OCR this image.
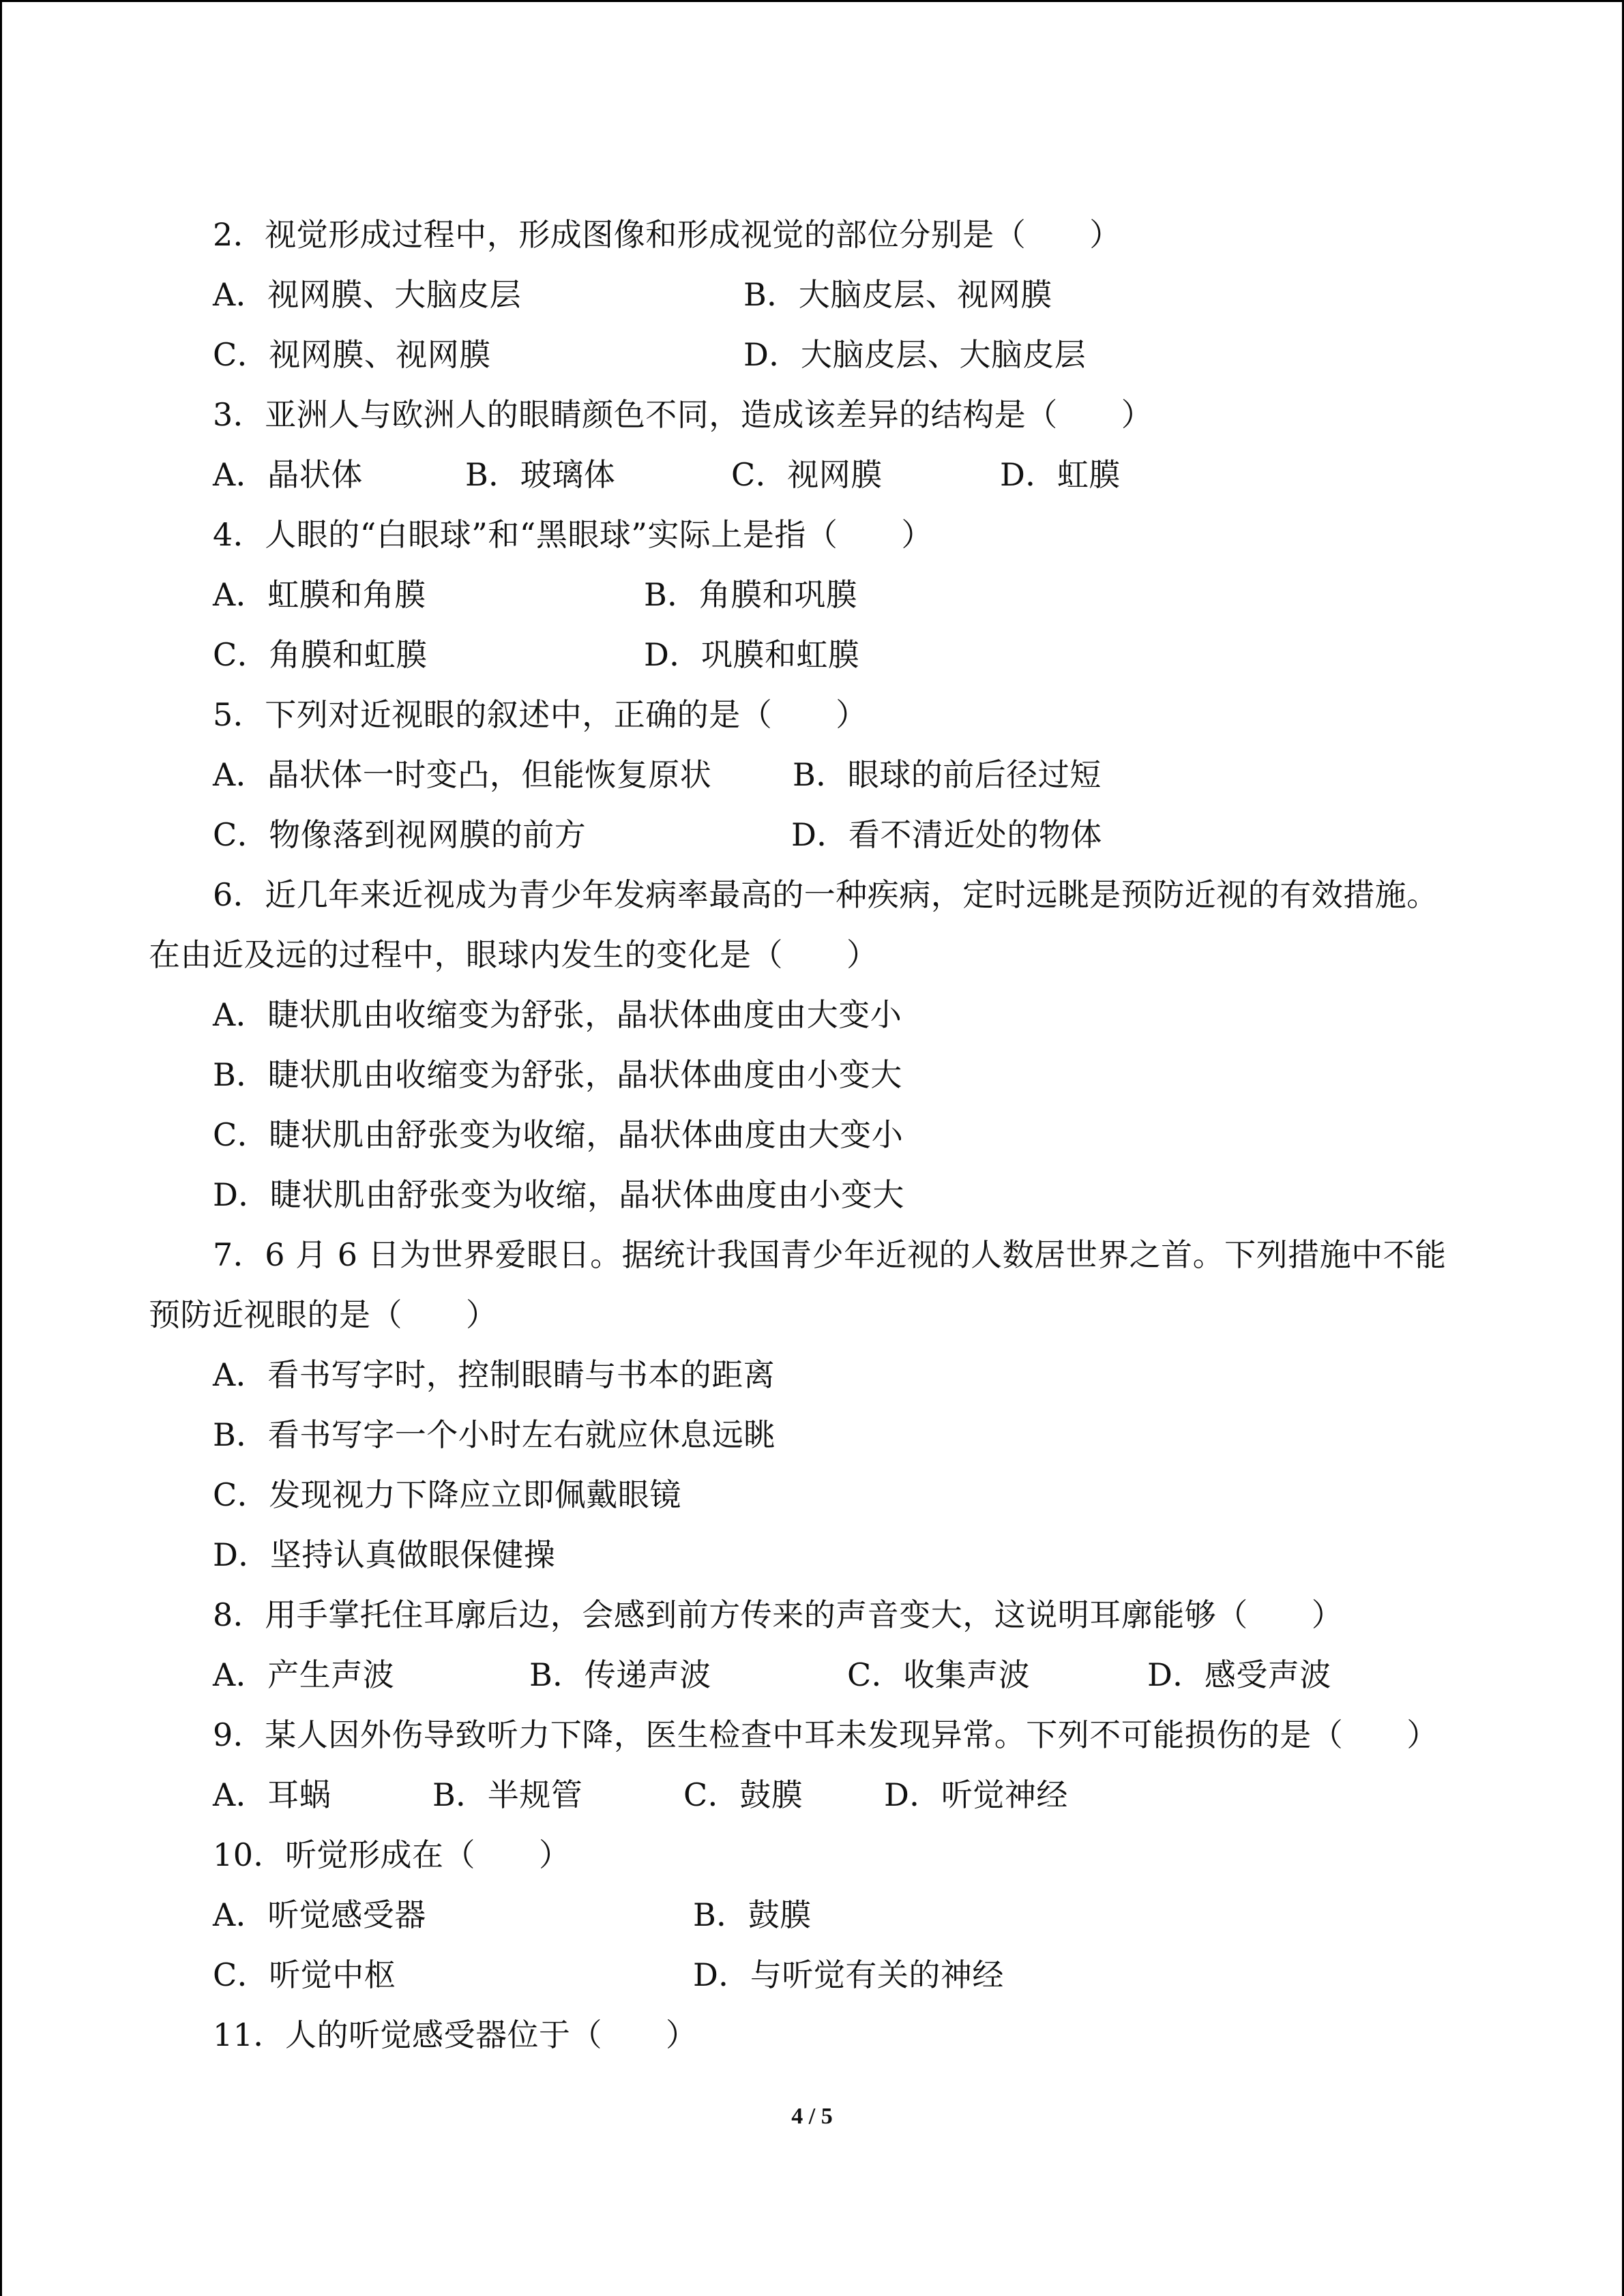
2．视觉形成过程中，形成图像和形成视觉的部位分别是（　　）
A．视网膜、大脑皮层	B．大脑皮层、视网膜
C．视网膜、视网膜	D．大脑皮层、大脑皮层
3．亚洲人与欧洲人的眼睛颜色不同，造成该差异的结构是（　　）
A．晶状体	B．玻璃体	C．视网膜	D．虹膜
4．人眼的“白眼球”和“黑眼球”实际上是指（　　）
A．虹膜和角膜	B．角膜和巩膜
C．角膜和虹膜	D．巩膜和虹膜
5．下列对近视眼的叙述中，正确的是（　　）
A．晶状体一时变凸，但能恢复原状	B．眼球的前后径过短
C．物像落到视网膜的前方	D．看不清近处的物体
6．近几年来近视成为青少年发病率最高的一种疾病，定时远眺是预防近视的有效措施。
在由近及远的过程中，眼球内发生的变化是（　　）
A．睫状肌由收缩变为舒张，晶状体曲度由大变小
B．睫状肌由收缩变为舒张，晶状体曲度由小变大
C．睫状肌由舒张变为收缩，晶状体曲度由大变小
D．睫状肌由舒张变为收缩，晶状体曲度由小变大
7．6 月 6 日为世界爱眼日。据统计我国青少年近视的人数居世界之首。下列措施中不能
预防近视眼的是（　　）
A．看书写字时，控制眼睛与书本的距离
B．看书写字一个小时左右就应休息远眺
C．发现视力下降应立即佩戴眼镜
D．坚持认真做眼保健操
8．用手掌托住耳廓后边，会感到前方传来的声音变大，这说明耳廓能够（　　）
A．产生声波	B．传递声波	C．收集声波	D．感受声波
9．某人因外伤导致听力下降，医生检查中耳未发现异常。下列不可能损伤的是（　　）
A．耳蜗	B．半规管	C．鼓膜	D．听觉神经
10．听觉形成在（　　）
A．听觉感受器	B．鼓膜
C．听觉中枢	D．与听觉有关的神经
11．人的听觉感受器位于（　　）
4 / 5
